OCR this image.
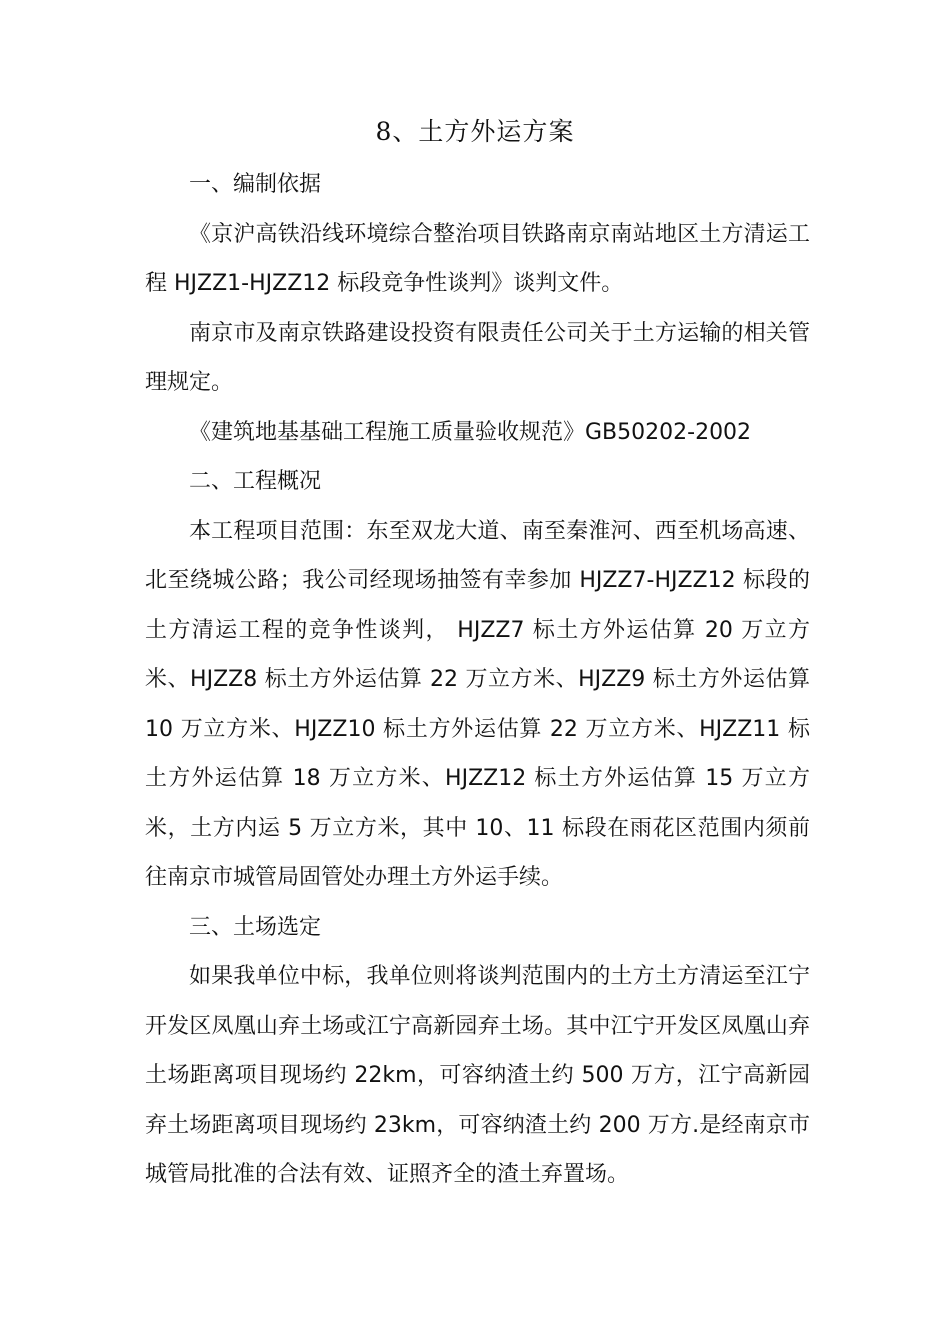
8、土方外运方案

一、编制依据

《京沪高铁沿线环境综合整治项目铁路南京南站地区土方清运工程 HJZZ1-HJZZ12 标段竞争性谈判》谈判文件。

南京市及南京铁路建设投资有限责任公司关于土方运输的相关管理规定。

《建筑地基基础工程施工质量验收规范》GB50202-2002

二、工程概况

本工程项目范围：东至双龙大道、南至秦淮河、西至机场高速、北至绕城公路；我公司经现场抽签有幸参加 HJZZ7-HJZZ12 标段的土方清运工程的竞争性谈判， HJZZ7 标土方外运估算 20 万立方米、HJZZ8 标土方外运估算 22 万立方米、HJZZ9 标土方外运估算 10 万立方米、HJZZ10 标土方外运估算 22 万立方米、HJZZ11 标土方外运估算 18 万立方米、HJZZ12 标土方外运估算 15 万立方米，土方内运 5 万立方米，其中 10、11 标段在雨花区范围内须前往南京市城管局固管处办理土方外运手续。

三、土场选定

如果我单位中标，我单位则将谈判范围内的土方土方清运至江宁开发区凤凰山弃土场或江宁高新园弃土场。其中江宁开发区凤凰山弃土场距离项目现场约 22km，可容纳渣土约 500 万方，江宁高新园弃土场距离项目现场约 23km，可容纳渣土约 200 万方.是经南京市城管局批准的合法有效、证照齐全的渣土弃置场。
